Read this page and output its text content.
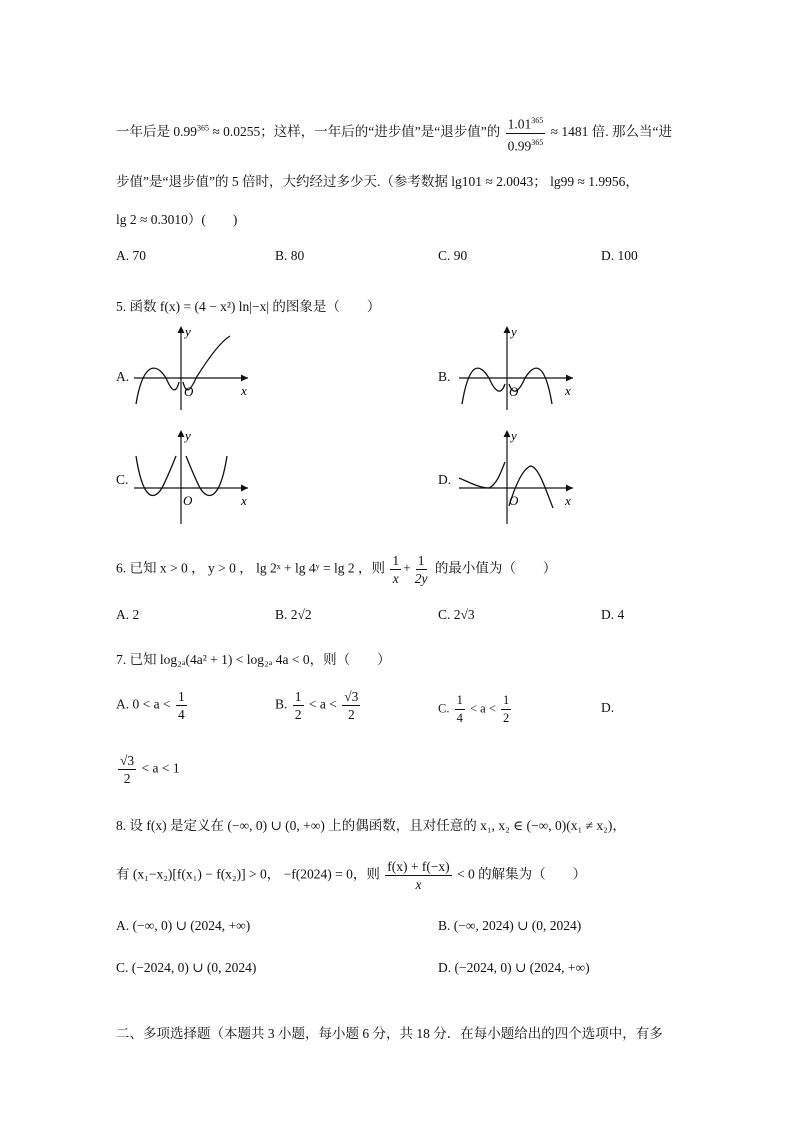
一年后是 $0.99^{365} \approx 0.0255$；这样，一年后的“进步值”是“退步值”的 $\frac{1.01^{365}}{0.99^{365}} \approx 1481$ 倍. 那么当“进
步值”是“退步值”的 5 倍时，大约经过多少天.（参考数据 lg101 ≈ 2.0043； lg99 ≈ 1.9956，
lg 2 ≈ 0.3010）(　　)
A. 70	B. 80	C. 90	D. 100
5. 函数 f(x) = (4 − x²) ln|−x| 的图象是（　　）
A.	B.
C.	D.
y
x
O
y
x
O
y
x
O
y
x
O
6. 已知 x > 0 ， y > 0 ， lg 2ˣ + lg 4ʸ = lg 2 ，则 $\frac{1}{x} + \frac{1}{2y}$ 的最小值为（　　）
A. 2	B. 2√2	C. 2√3	D. 4
7. 已知 log₂ₐ(4a² + 1) < log₂ₐ 4a < 0，则（　　）
A. $0 < a < \frac{1}{4}$	B. $\frac{1}{2} < a < \frac{√3}{2}$	C. $\frac{1}{4} < a < \frac{1}{2}$	D.
$\frac{√3}{2} < a < 1$
8. 设 f(x) 是定义在 (−∞, 0) ∪ (0, +∞) 上的偶函数，且对任意的 x₁, x₂ ∈ (−∞, 0)(x₁ ≠ x₂)，
有 (x₁−x₂)[f(x₁) − f(x₂)] > 0， −f(2024) = 0，则 $\frac{f(x) + f(-x)}{x} < 0$ 的解集为（　　）
A. (−∞, 0) ∪ (2024, +∞)	B. (−∞, 2024) ∪ (0, 2024)
C. (−2024, 0) ∪ (0, 2024)	D. (−2024, 0) ∪ (2024, +∞)
二、多项选择题（本题共 3 小题，每小题 6 分，共 18 分．在每小题给出的四个选项中，有多
